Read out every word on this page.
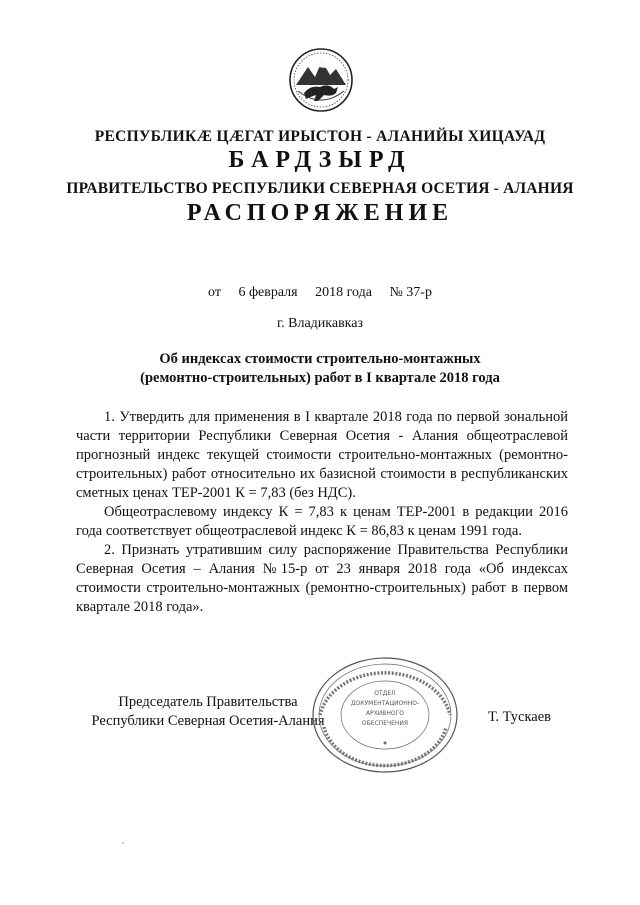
РЕСПУБЛИКӔ ЦӔГАТ ИРЫСТОН - АЛАНИЙЫ ХИЦАУАД
БАРДЗЫРД
ПРАВИТЕЛЬСТВО РЕСПУБЛИКИ СЕВЕРНАЯ ОСЕТИЯ - АЛАНИЯ
РАСПОРЯЖЕНИЕ
от 6 февраля 2018 года № 37-р
г. Владикавказ
Об индексах стоимости строительно-монтажных
(ремонтно-строительных) работ в I квартале 2018 года

1. Утвердить для применения в I квартале 2018 года по первой зональной части территории Республики Северная Осетия - Алания общеотраслевой прогнозный индекс текущей стоимости строительно-монтажных (ремонтно-строительных) работ относительно их базисной стоимости в республиканских сметных ценах ТЕР-2001 К = 7,83 (без НДС).

Общеотраслевому индексу К = 7,83 к ценам ТЕР-2001 в редакции 2016 года соответствует общеотраслевой индекс К = 86,83 к ценам 1991 года.

2. Признать утратившим силу распоряжение Правительства Республики Северная Осетия – Алания №15-р от 23 января 2018 года «Об индексах стоимости строительно-монтажных (ремонтно-строительных) работ в первом квартале 2018 года».

Председатель Правительства
Республики Северная Осетия-Алания
ОТДЕЛ
ДОКУМЕНТАЦИОННО-
АРХИВНОГО
ОБЕСПЕЧЕНИЯ	Т. Тускаев
